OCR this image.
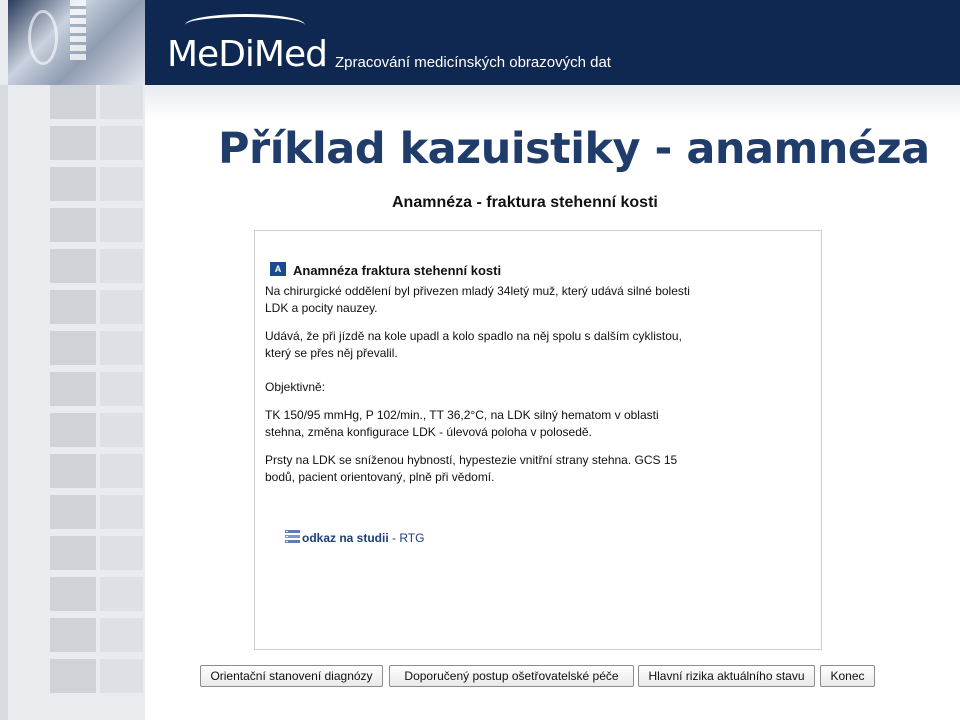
MeDiMed Zpracování medicínských obrazových dat
Příklad kazuistiky - anamnéza
Anamnéza - fraktura stehenní kosti
A Anamnéza fraktura stehenní kosti
Na chirurgické oddělení byl přivezen mladý 34letý muž, který udává silné bolesti LDK a pocity nauzey.
Udává, že při jízdě na kole upadl a kolo spadlo na něj spolu s dalším cyklistou, který se přes něj převalil.
Objektivně:
TK 150/95 mmHg, P 102/min., TT 36,2°C, na LDK silný hematom v oblasti stehna, změna konfigurace LDK - úlevová poloha v polosedě.
Prsty na LDK se sníženou hybností, hypestezie vnitřní strany stehna. GCS 15 bodů, pacient orientovaný, plně při vědomí.
odkaz na studii - RTG
Orientační stanovení diagnózy	Doporučený postup ošetřovatelské péče	Hlavní rizika aktuálního stavu	Konec
